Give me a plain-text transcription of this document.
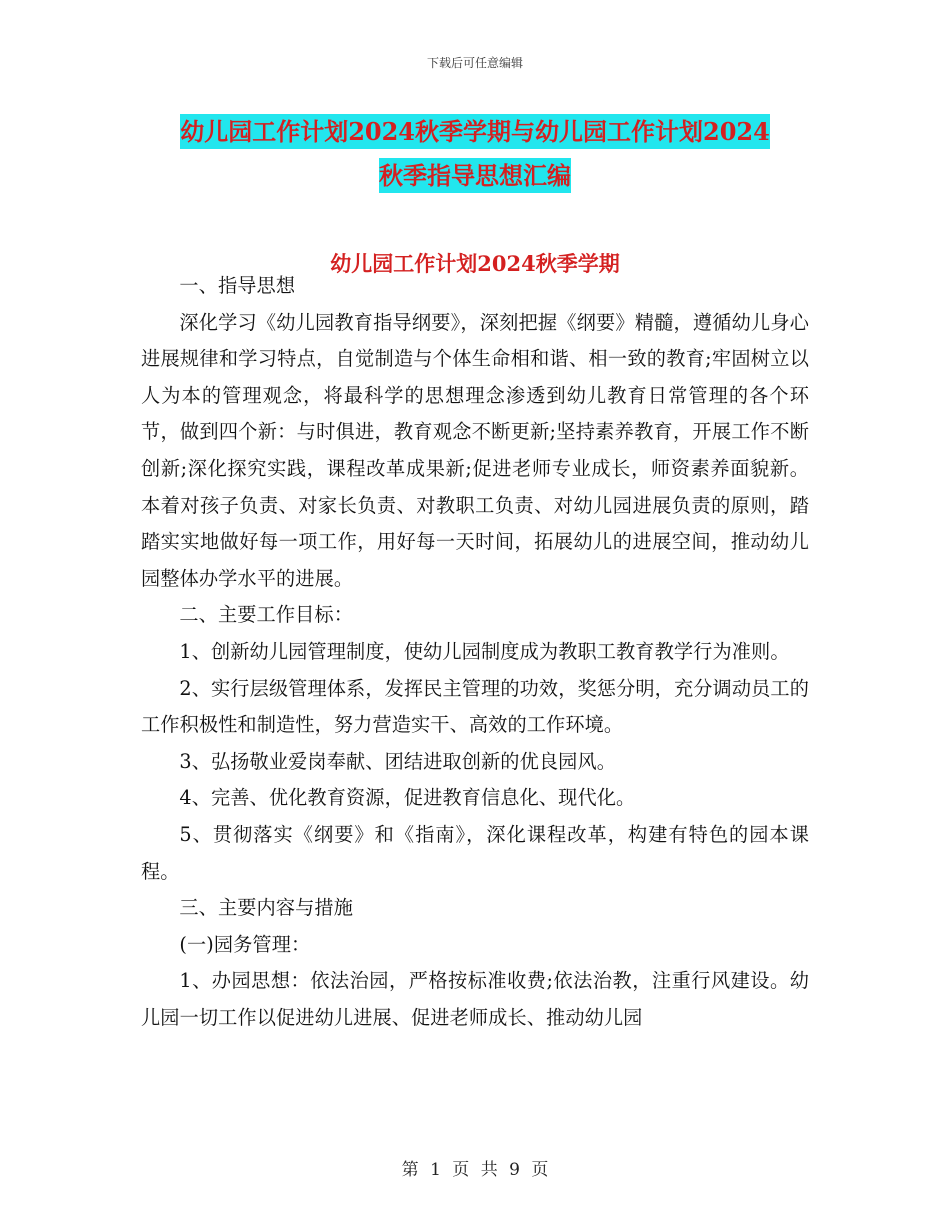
下载后可任意编辑
幼儿园工作计划2024秋季学期与幼儿园工作计划2024
秋季指导思想汇编
幼儿园工作计划2024秋季学期

一、指导思想

深化学习《幼儿园教育指导纲要》，深刻把握《纲要》精髓，遵循幼儿身心进展规律和学习特点，自觉制造与个体生命相和谐、相一致的教育;牢固树立以人为本的管理观念，将最科学的思想理念渗透到幼儿教育日常管理的各个环节，做到四个新：与时俱进，教育观念不断更新;坚持素养教育，开展工作不断创新;深化探究实践，课程改革成果新;促进老师专业成长，师资素养面貌新。本着对孩子负责、对家长负责、对教职工负责、对幼儿园进展负责的原则，踏踏实实地做好每一项工作，用好每一天时间，拓展幼儿的进展空间，推动幼儿园整体办学水平的进展。

二、主要工作目标：

1、创新幼儿园管理制度，使幼儿园制度成为教职工教育教学行为准则。

2、实行层级管理体系，发挥民主管理的功效，奖惩分明，充分调动员工的工作积极性和制造性，努力营造实干、高效的工作环境。

3、弘扬敬业爱岗奉献、团结进取创新的优良园风。

4、完善、优化教育资源，促进教育信息化、现代化。

5、贯彻落实《纲要》和《指南》，深化课程改革，构建有特色的园本课程。

三、主要内容与措施

(一)园务管理：

1、办园思想：依法治园，严格按标准收费;依法治教，注重行风建设。幼儿园一切工作以促进幼儿进展、促进老师成长、推动幼儿园

第 1 页 共 9 页
